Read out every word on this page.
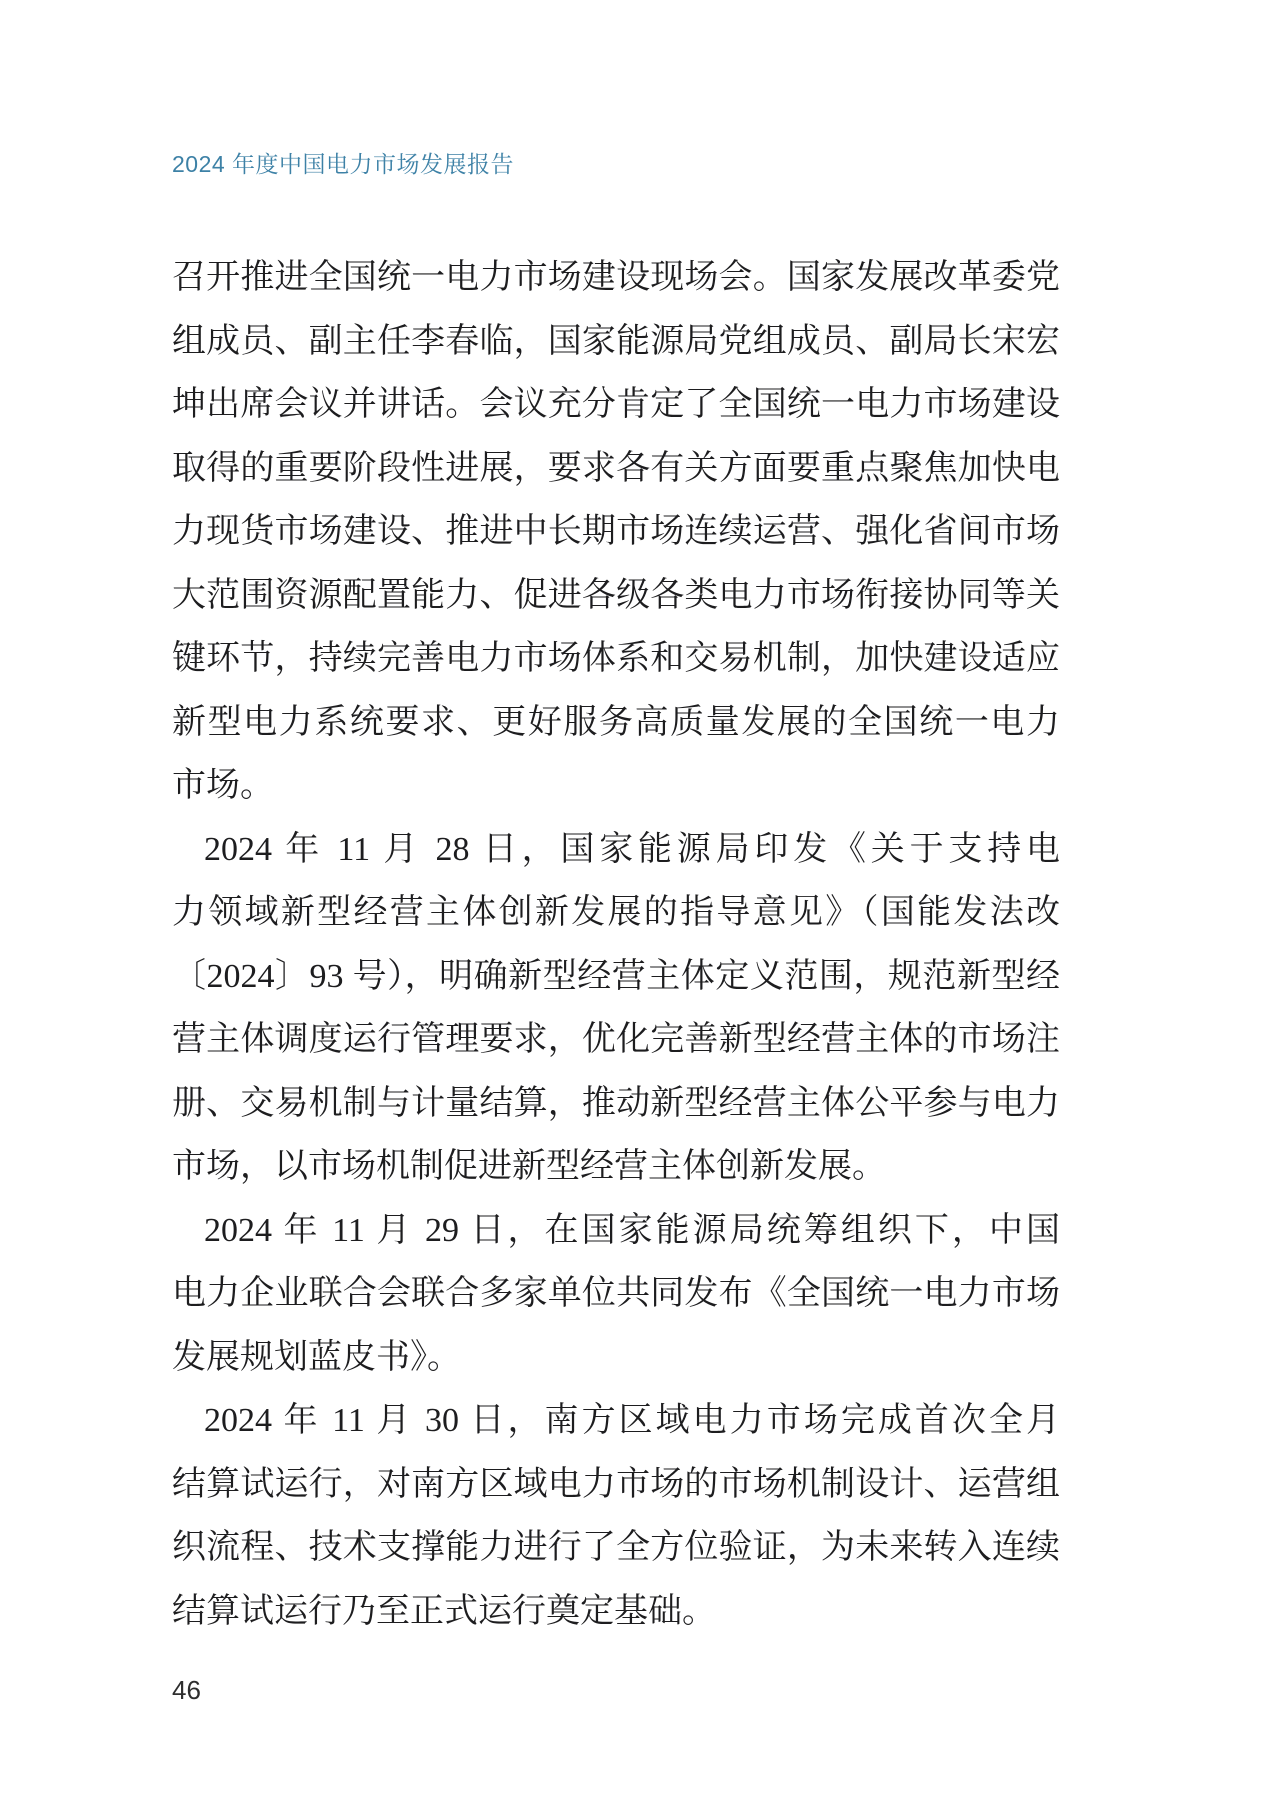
2024 年度中国电力市场发展报告
召开推进全国统一电力市场建设现场会。国家发展改革委党
组成员、副主任李春临，国家能源局党组成员、副局长宋宏
坤出席会议并讲话。会议充分肯定了全国统一电力市场建设
取得的重要阶段性进展，要求各有关方面要重点聚焦加快电
力现货市场建设、推进中长期市场连续运营、强化省间市场
大范围资源配置能力、促进各级各类电力市场衔接协同等关
键环节，持续完善电力市场体系和交易机制，加快建设适应
新型电力系统要求、更好服务高质量发展的全国统一电力
市场。
2024 年 11 月 28 日，国家能源局印发《关于支持电
力领域新型经营主体创新发展的指导意见》（国能发法改
〔2024〕93 号），明确新型经营主体定义范围，规范新型经
营主体调度运行管理要求，优化完善新型经营主体的市场注
册、交易机制与计量结算，推动新型经营主体公平参与电力
市场，以市场机制促进新型经营主体创新发展。
2024 年 11 月 29 日，在国家能源局统筹组织下，中国
电力企业联合会联合多家单位共同发布《全国统一电力市场
发展规划蓝皮书》。
2024 年 11 月 30 日，南方区域电力市场完成首次全月
结算试运行，对南方区域电力市场的市场机制设计、运营组
织流程、技术支撑能力进行了全方位验证，为未来转入连续
结算试运行乃至正式运行奠定基础。
46
